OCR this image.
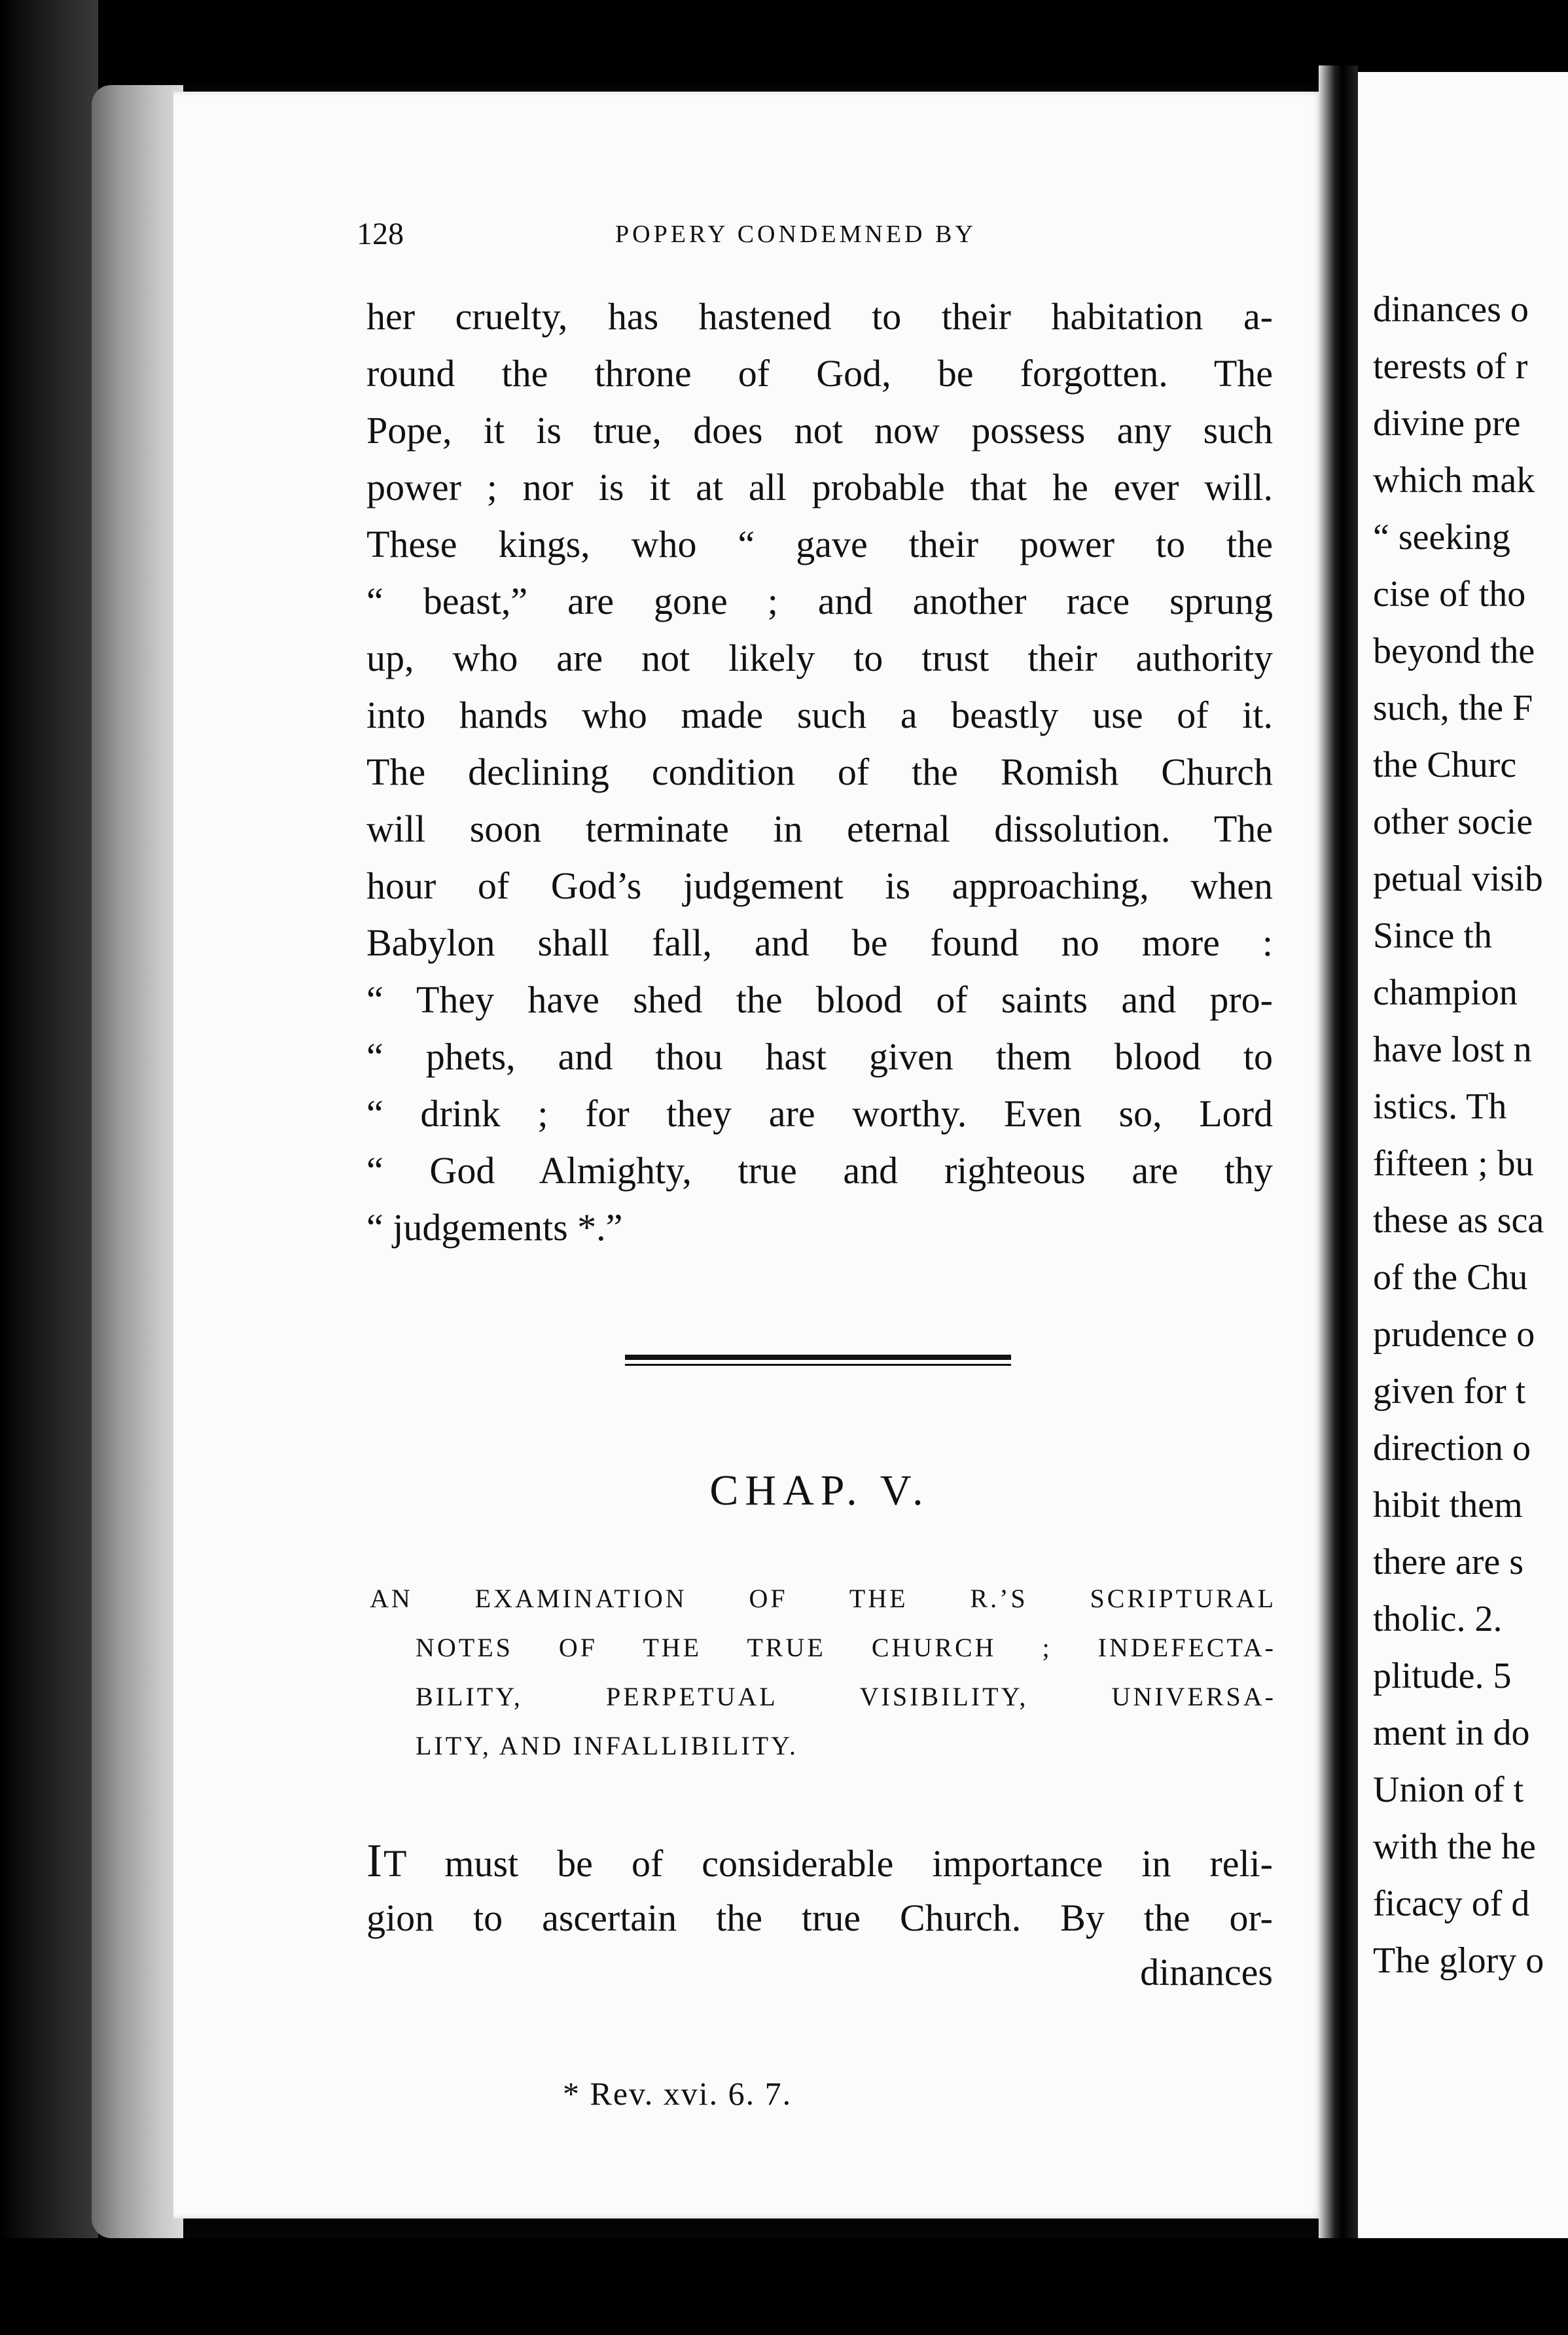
128	POPERY CONDEMNED BY
her cruelty, has hastened to their habitation a-
round the throne of God, be forgotten. The
Pope, it is true, does not now possess any such
power ; nor is it at all probable that he ever will.
These kings, who “ gave their power to the
“ beast,” are gone ; and another race sprung
up, who are not likely to trust their authority
into hands who made such a beastly use of it.
The declining condition of the Romish Church
will soon terminate in eternal dissolution. The
hour of God’s judgement is approaching, when
Babylon shall fall, and be found no more :
“ They have shed the blood of saints and pro-
“ phets, and thou hast given them blood to
“ drink ; for they are worthy. Even so, Lord
“ God Almighty, true and righteous are thy
“ judgements *.”
CHAP. V.
AN EXAMINATION OF THE R.’S SCRIPTURAL
NOTES OF THE TRUE CHURCH ; INDEFECTA-
BILITY, PERPETUAL VISIBILITY, UNIVERSA-
LITY, AND INFALLIBILITY.
IT must be of considerable importance in reli-
gion to ascertain the true Church. By the or-
dinances
* Rev. xvi. 6. 7.
dinances o
terests of r
divine pre
which mak
“ seeking
cise of tho
beyond the
such, the F
the Churc
other socie
petual visib
Since th
champion
have lost n
istics. Th
fifteen ; bu
these as sca
of the Chu
prudence o
given for t
direction o
hibit them
there are s
tholic. 2.
plitude. 5
ment in do
Union of t
with the he
ficacy of d
The glory o
